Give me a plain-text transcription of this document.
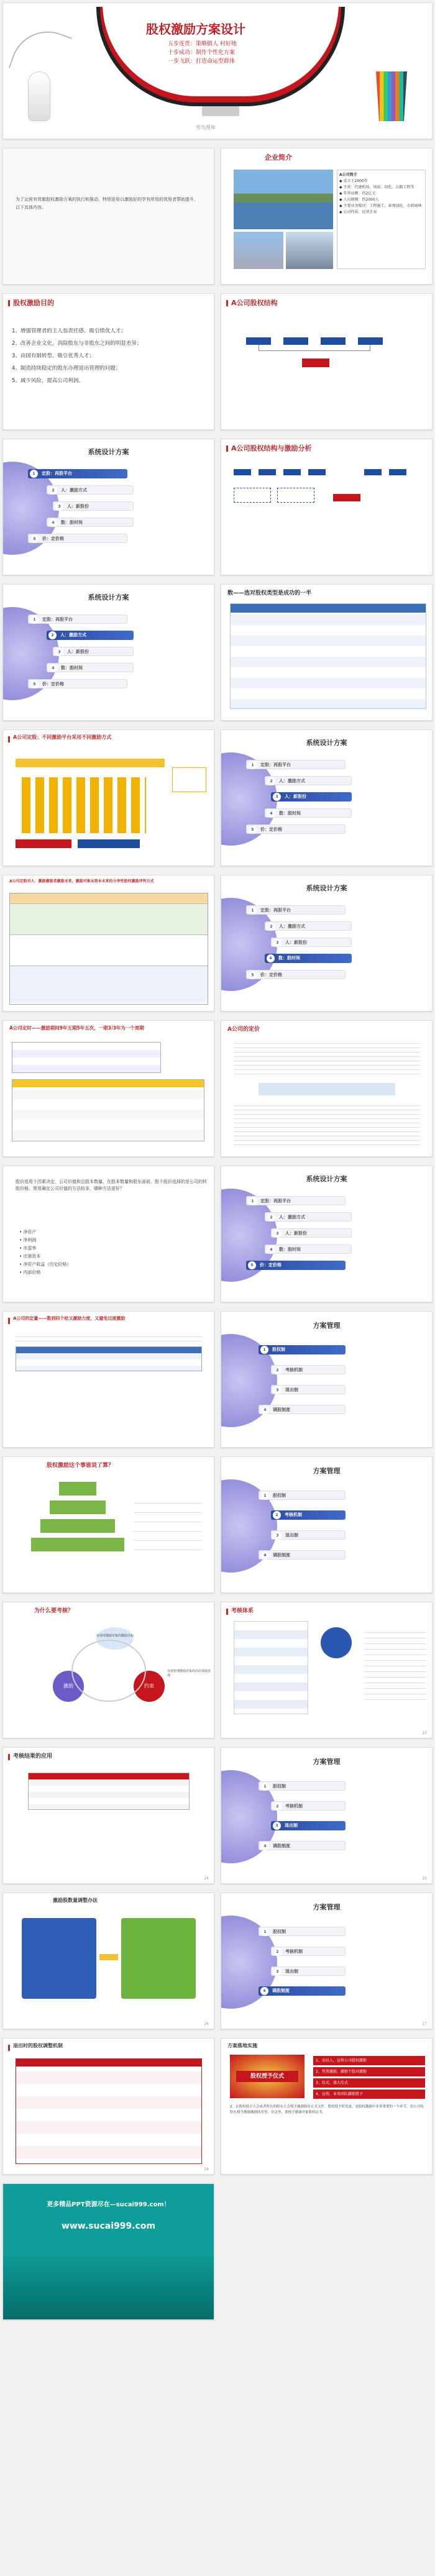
股权激励方案设计
五步连贯：策略做人 村好地
十步成功：制作个性化方案
一步飞跃：打造命运型群体
雪鸟图库
为了运营有效做股权激励方案的执行和推动，特别是用以激励好的学有所用的效用者帮助提升，以下具体内容。
企业简介
A公司简介
◆ 成立于2000年
◆ 主营：代建机场、场站、绿化、公路工程等
◆ 年营业额：约2亿元
◆ 人员规模：约2000人
◆ 主要业务板块：工程施工、景观绿化、市政园林
◆ 公司性质：民营企业
股权激励目的
1、增强管理者的主人翁责任感、吸引绩优人才；
2、改善企业文化，消除股东与非股东之间的明显差异；
3、由国有制转型，吸引优秀人才；
4、制造持续稳定的股东办理退出管理的问题；
5、减少风险，提高公司利润。
A公司股权结构
系统设计方案
1	定股：再股平台
2	人：激励方式
3	人：新股份
4	数：股时间
5	价：定价格
A公司股权结构与激励分析
系统设计方案
1	定股：再股平台
2	人：激励方式
3	人：新股份
4	数：股时间
5	价：定价格
数——选对股权类型是成功的一半
A公司定股：不同激励平台采用不同激励方式
系统设计方案
1	定股：再股平台
2	人：激励方式
3	人：新股份
4	数：股时间
5	价：定价格
A公司定股对人：激励激励者激励未来，激励对象从资本未来的分享性股权激励评判方式
系统设计方案
1	定股：再股平台
2	人：激励方式
3	人：新股份
4	数：股时间
5	价：定价格
A公司定时——激励期间9年五期5年五次，一期3/3年为一个周期	A公司的定价
股价选用个因素决定，公司价值和总股本数量，在股本数量和股东面前，股个股价选择的是公司的转股价格。常用确定公司价值的方法较多，哪种方法更好？
• 净资产
• 净利润
• 市盈率
• 注册资本
• 净资产收益（历史价格）
• 内部价格
系统设计方案
1	定股：再股平台
2	人：激励方式
3	人：新股份
4	数：股时间
5	价：定价格
A公司的定量——数到同个给又激励力度，又避免过度激励
方案管理
1	股权制
2	考核机制
3	退出制
4	调股制度
股权激励这个事谁说了算？
方案管理
1	股权制
2	考核机制
3	退出制
4	调股制度
为什么要考核？
实现对激励对象的激励目标
激励	约束
有效管理激励对象的岗位绩效表现
考核体系
23
考核结果的应用
24
方案管理
1	股权制
2	考核机制
3	退出制
4	调股制度
25
激励股数量调整办法
26
方案管理
1	股权制
2	考核机制
3	退出制
4	调股制度
27
退出时的股权调整机制
28
方案落地实施
股权授予仪式
1、动员人，宣传公司股权激励
2、签署激励，激励个股对激励
3、仪式，盛大仪式
4、宣传，业务团队激励授予
2、在股权授予大会或者所在的股东大会授予激励股份正式文件，股权授予时发放，是股权激励中非常重要的一个环节，用公司的股东授予激励激励的荣誉，在这里，要授予感谢对象股权证书。
更多精品PPT资源尽在—sucai999.com！
www.sucai999.com
